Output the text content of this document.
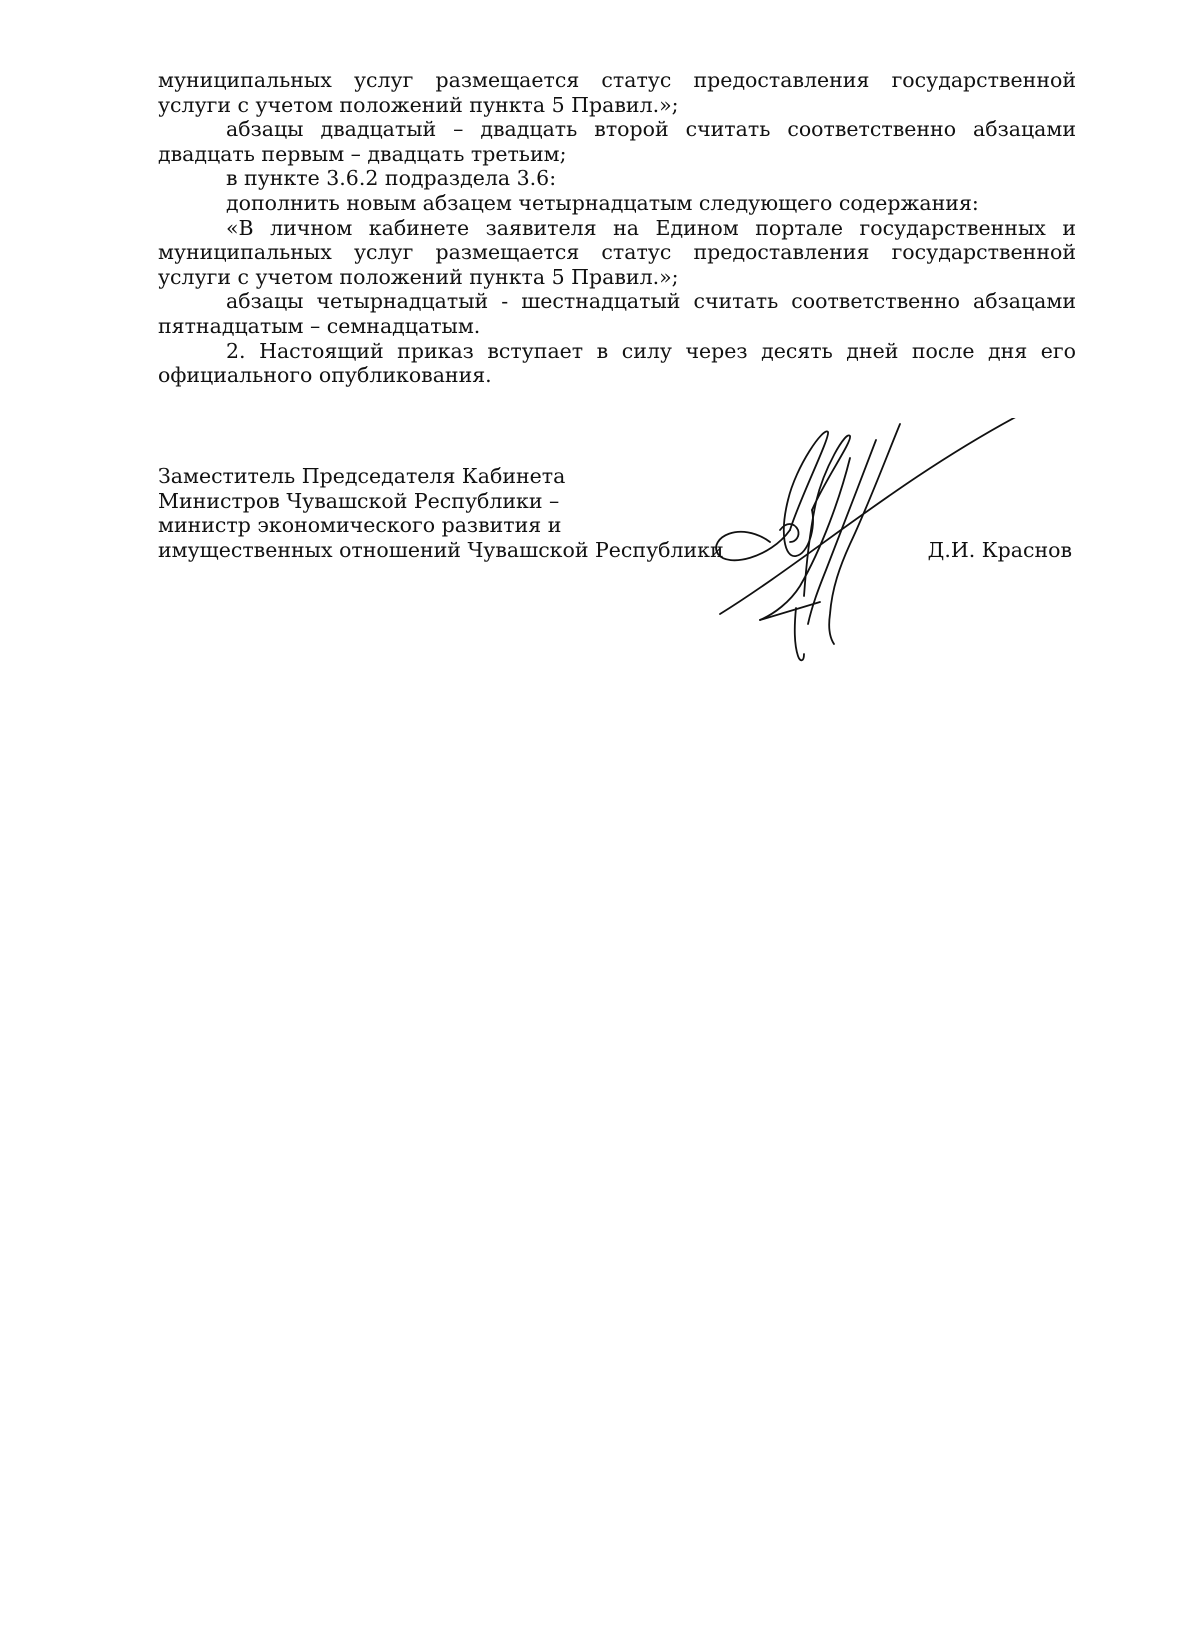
муниципальных услуг размещается статус предоставления государственной услуги с учетом положений пункта 5 Правил.»;

абзацы двадцатый – двадцать второй считать соответственно абзацами двадцать первым – двадцать третьим;

в пункте 3.6.2 подраздела 3.6:

дополнить новым абзацем четырнадцатым следующего содержания:

«В личном кабинете заявителя на Едином портале государственных и муниципальных услуг размещается статус предоставления государственной услуги с учетом положений пункта 5 Правил.»;

абзацы четырнадцатый - шестнадцатый считать соответственно абзацами пятнадцатым – семнадцатым.

2. Настоящий приказ вступает в силу через десять дней после дня его официального опубликования.

Заместитель Председателя Кабинета

Министров Чувашской Республики –

министр экономического развития и

имущественных отношений Чувашской Республики	Д.И. Краснов
